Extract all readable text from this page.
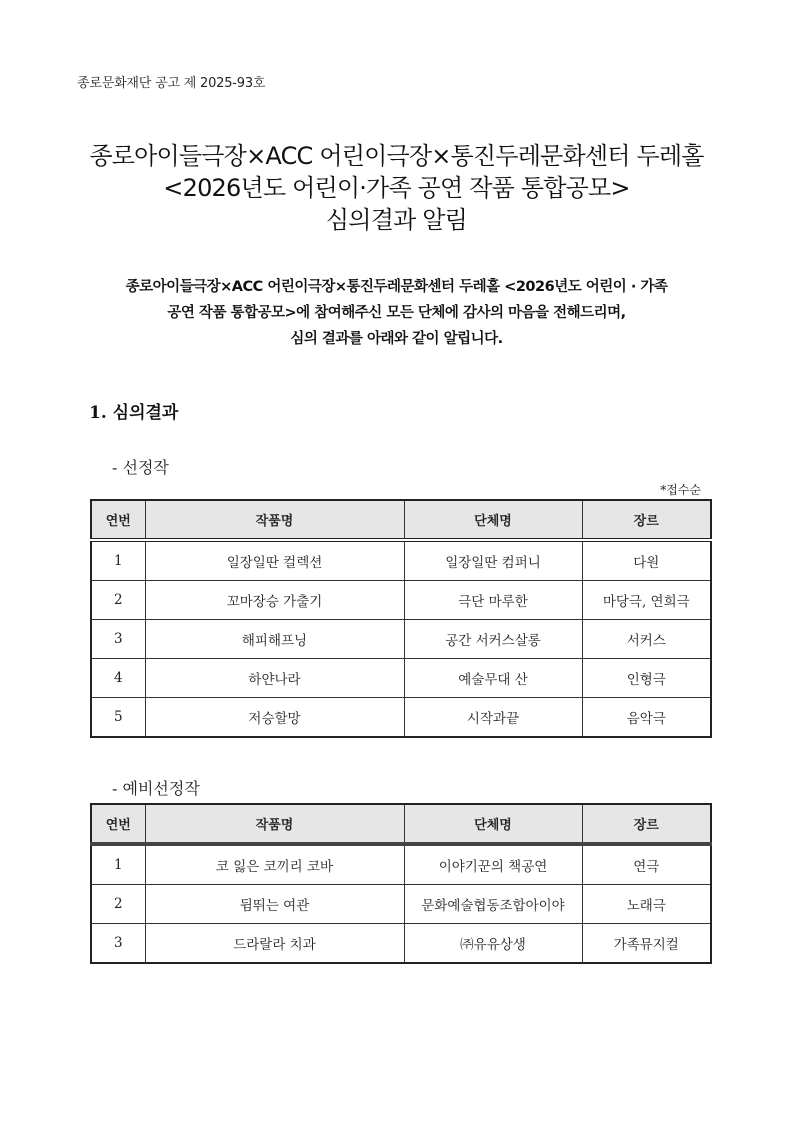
종로문화재단 공고 제 2025-93호
종로아이들극장×ACC 어린이극장×통진두레문화센터 두레홀
<2026년도 어린이·가족 공연 작품 통합공모>
심의결과 알림
종로아이들극장×ACC 어린이극장×통진두레문화센터 두레홀 <2026년도 어린이 · 가족
공연 작품 통합공모>에 참여해주신 모든 단체에 감사의 마음을 전해드리며,
심의 결과를 아래와 같이 알립니다.
1. 심의결과
- 선정작
*접수순
연번	작품명	단체명	장르
1	일장일딴 컬렉션	일장일딴 컴퍼니	다원
2	꼬마장승 가출기	극단 마루한	마당극, 연희극
3	해피해프닝	공간 서커스살롱	서커스
4	하얀나라	예술무대 산	인형극
5	저승할망	시작과끝	음악극
- 예비선정작
연번	작품명	단체명	장르
1	코 잃은 코끼리 코바	이야기꾼의 책공연	연극
2	뒴뛰는 여관	문화예술협동조합아이야	노래극
3	드라랄라 치과	㈜유유상생	가족뮤지컬
